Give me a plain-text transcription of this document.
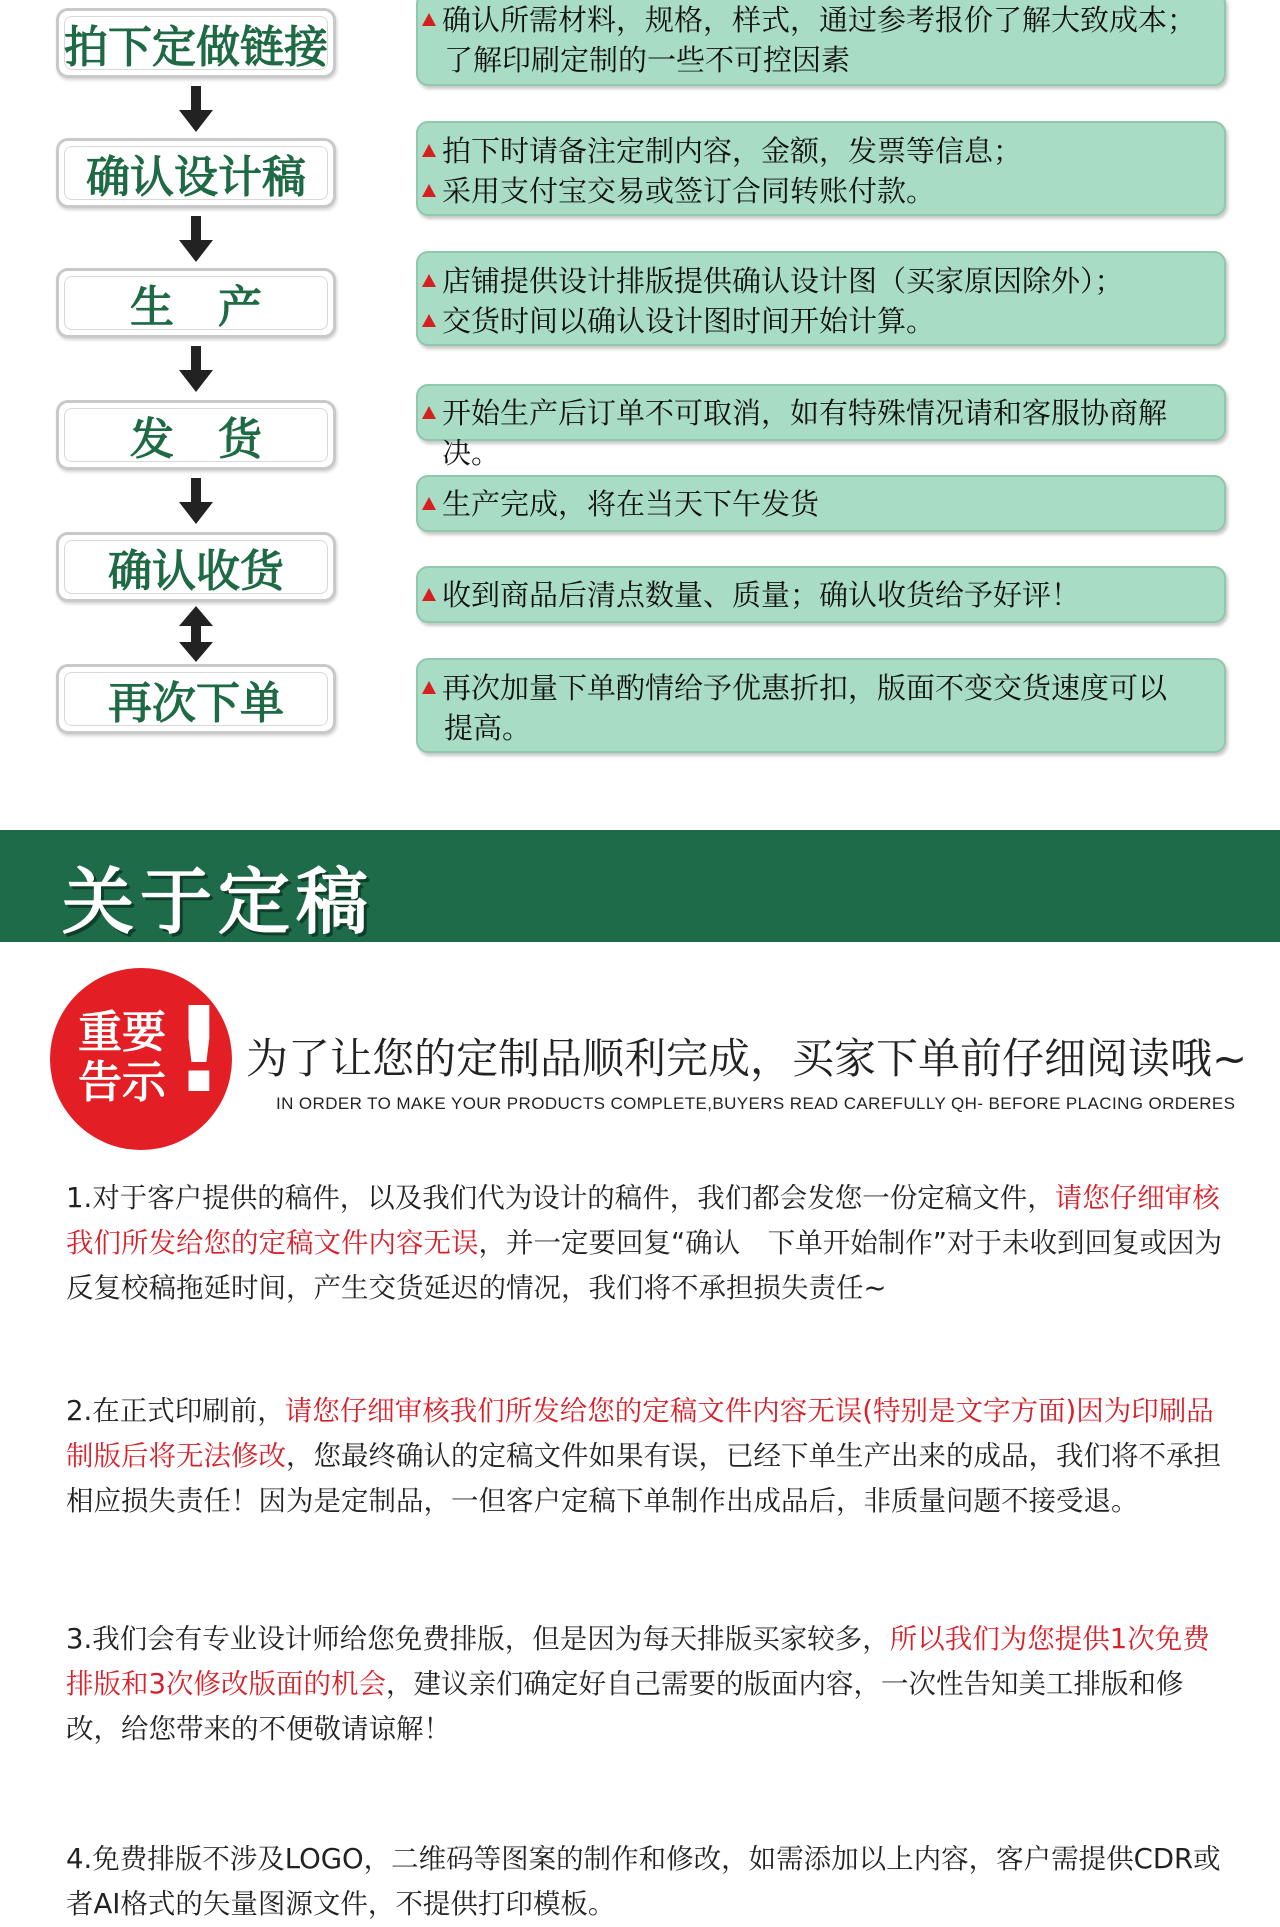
拍下定做链接
确认设计稿
生　产
发　货
确认收货
再次下单
确认所需材料，规格，样式，通过参考报价了解大致成本；
了解印刷定制的一些不可控因素
拍下时请备注定制内容，金额，发票等信息；
采用支付宝交易或签订合同转账付款。
店铺提供设计排版提供确认设计图（买家原因除外）；
交货时间以确认设计图时间开始计算。
开始生产后订单不可取消，如有特殊情况请和客服协商解决。
生产完成，将在当天下午发货
收到商品后清点数量、质量；确认收货给予好评！
再次加量下单酌情给予优惠折扣，版面不变交货速度可以
提高。
关于定稿
重要
告示 ! 为了让您的定制品顺利完成，买家下单前仔细阅读哦~
IN ORDER TO MAKE YOUR PRODUCTS COMPLETE,BUYERS READ CAREFULLY QH- BEFORE PLACING ORDERES
1.对于客户提供的稿件，以及我们代为设计的稿件，我们都会发您一份定稿文件，请您仔细审核我们所发给您的定稿文件内容无误，并一定要回复“确认　下单开始制作”对于未收到回复或因为反复校稿拖延时间，产生交货延迟的情况，我们将不承担损失责任~
2.在正式印刷前，请您仔细审核我们所发给您的定稿文件内容无误(特别是文字方面)因为印刷品制版后将无法修改，您最终确认的定稿文件如果有误，已经下单生产出来的成品，我们将不承担相应损失责任！因为是定制品，一但客户定稿下单制作出成品后，非质量问题不接受退。
3.我们会有专业设计师给您免费排版，但是因为每天排版买家较多，所以我们为您提供1次免费排版和3次修改版面的机会，建议亲们确定好自己需要的版面内容，一次性告知美工排版和修改，给您带来的不便敬请谅解！
4.免费排版不涉及LOGO，二维码等图案的制作和修改，如需添加以上内容，客户需提供CDR或者AI格式的矢量图源文件，不提供打印模板。
